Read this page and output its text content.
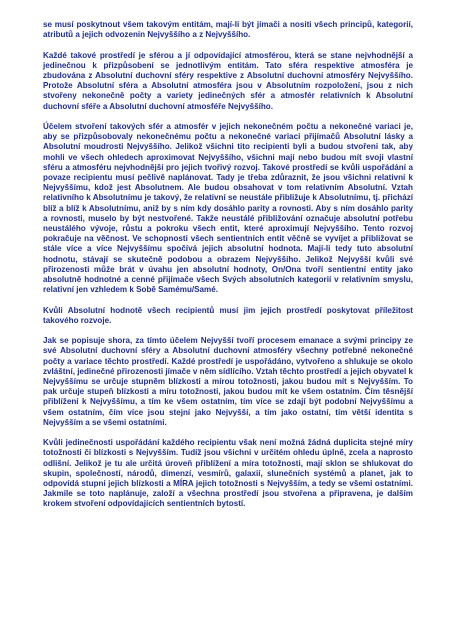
se musí poskytnout všem takovým entitám, mají-li být jímači a nositi všech principů, kategorií, atributů a jejich odvozenin Nejvyššího a z Nejvyššího.

Každé takové prostředí je sférou a jí odpovídající atmosférou, která se stane nejvhodnější a jedinečnou k přizpůsobení se jednotlivým entitám. Tato sféra respektive atmosféra je zbudována z Absolutní duchovní sféry respektive z Absolutní duchovní atmosféry Nejvyššího. Protože Absolutní sféra a Absolutní atmosféra jsou v Absolutním rozpoložení, jsou z nich stvořeny nekonečně počty a variety jedinečných sfér a atmosfér relativních k Absolutní duchovní sféře a Absolutní duchovní atmosféře Nejvyššího.

Účelem stvoření takových sfér a atmosfér v jejich nekonečném počtu a nekonečné variaci je, aby se přizpůsobovaly nekonečnému počtu a nekonečné variaci přijímačů Absolutní lásky a Absolutní moudrosti Nejvyššího. Jelikož všichni tito recipienti byli a budou stvořeni tak, aby mohli ve všech ohledech aproximovat Nejvyššího, všichni mají nebo budou mít svoji vlastní sféru a atmosféru nejvhodnější pro jejich tvořivý rozvoj. Takové prostředí se kvůli uspořádání a povaze recipientu musí pečlivě naplánovat. Tady je třeba zdůraznit, že jsou všichni relativní k Nejvyššímu, kdož jest Absolutnem. Ale budou obsahovat v tom relativním Absolutní. Vztah relativního k Absolutnímu je takový, že relativní se neustále přibližuje k Absolutnímu, tj. přichází blíž a blíž k Absolutnímu, aniž by s ním kdy dosáhlo parity a rovnosti. Aby s ním dosáhlo parity a rovnosti, muselo by být nestvořené. Takže neustálé přibližování označuje absolutní potřebu neustálého vývoje, růstu a pokroku všech entit, které aproximují Nejvyššího. Tento rozvoj pokračuje na věčnost. Ve schopnosti všech sentientních entit věčně se vyvíjet a přibližovat se stále více a více Nejvyššímu spočívá jejich absolutní hodnota. Mají-li tedy tuto absolutní hodnotu, stávají se skutečně podobou a obrazem Nejvyššího. Jelikož Nejvyšší kvůli své přirozenosti může brát v úvahu jen absolutní hodnoty, On/Ona tvoří sentientní entity jako absolutně hodnotné a cenné přijímače všech Svých absolutních kategorií v relativním smyslu, relativní jen vzhledem k Sobě Samému/Samé.

Kvůli Absolutní hodnotě všech recipientů musí jim jejich prostředí poskytovat příležitost takového rozvoje.

Jak se popisuje shora, za tímto účelem Nejvyšší tvoří procesem emanace a svými principy ze své Absolutní duchovní sféry a Absolutní duchovní atmosféry všechny potřebné nekonečné počty a variace těchto prostředí. Každé prostředí je uspořádáno, vytvořeno a shlukuje se okolo zvláštní, jedinečné přirozenosti jímače v něm sídlícího. Vztah těchto prostředí a jejich obyvatel k Nejvyššímu se určuje stupněm blízkosti a mírou totožnosti, jakou budou mít s Nejvyšším. To pak určuje stupeň blízkosti a míru totožnosti, jakou budou mít ke všem ostatním. Čím těsnější přiblížení k Nejvyššímu, a tím ke všem ostatním, tím více se zdají být podobní Nejvyššímu a všem ostatním, čím více jsou stejní jako Nejvyšší, a tím jako ostatní, tím větší identita s Nejvyšším a se všemi ostatními.

Kvůli jedinečnosti uspořádání každého recipientu však není možná žádná duplicita stejné míry totožnosti či blízkosti s Nejvyšším. Tudíž jsou všichni v určitém ohledu úplně, zcela a naprosto odlišní. Jelikož je tu ale určitá úroveň přiblížení a míra totožnosti, mají sklon se shlukovat do skupin, společností, národů, dimenzí, vesmírů, galaxií, slunečních systémů a planet, jak to odpovídá stupni jejich blízkosti a MÍRA jejich totožnosti s Nejvyšším, a tedy se všemi ostatními. Jakmile se toto naplánuje, založí a všechna prostředí jsou stvořena a připravena, je dalším krokem stvoření odpovídajících sentientních bytostí.
